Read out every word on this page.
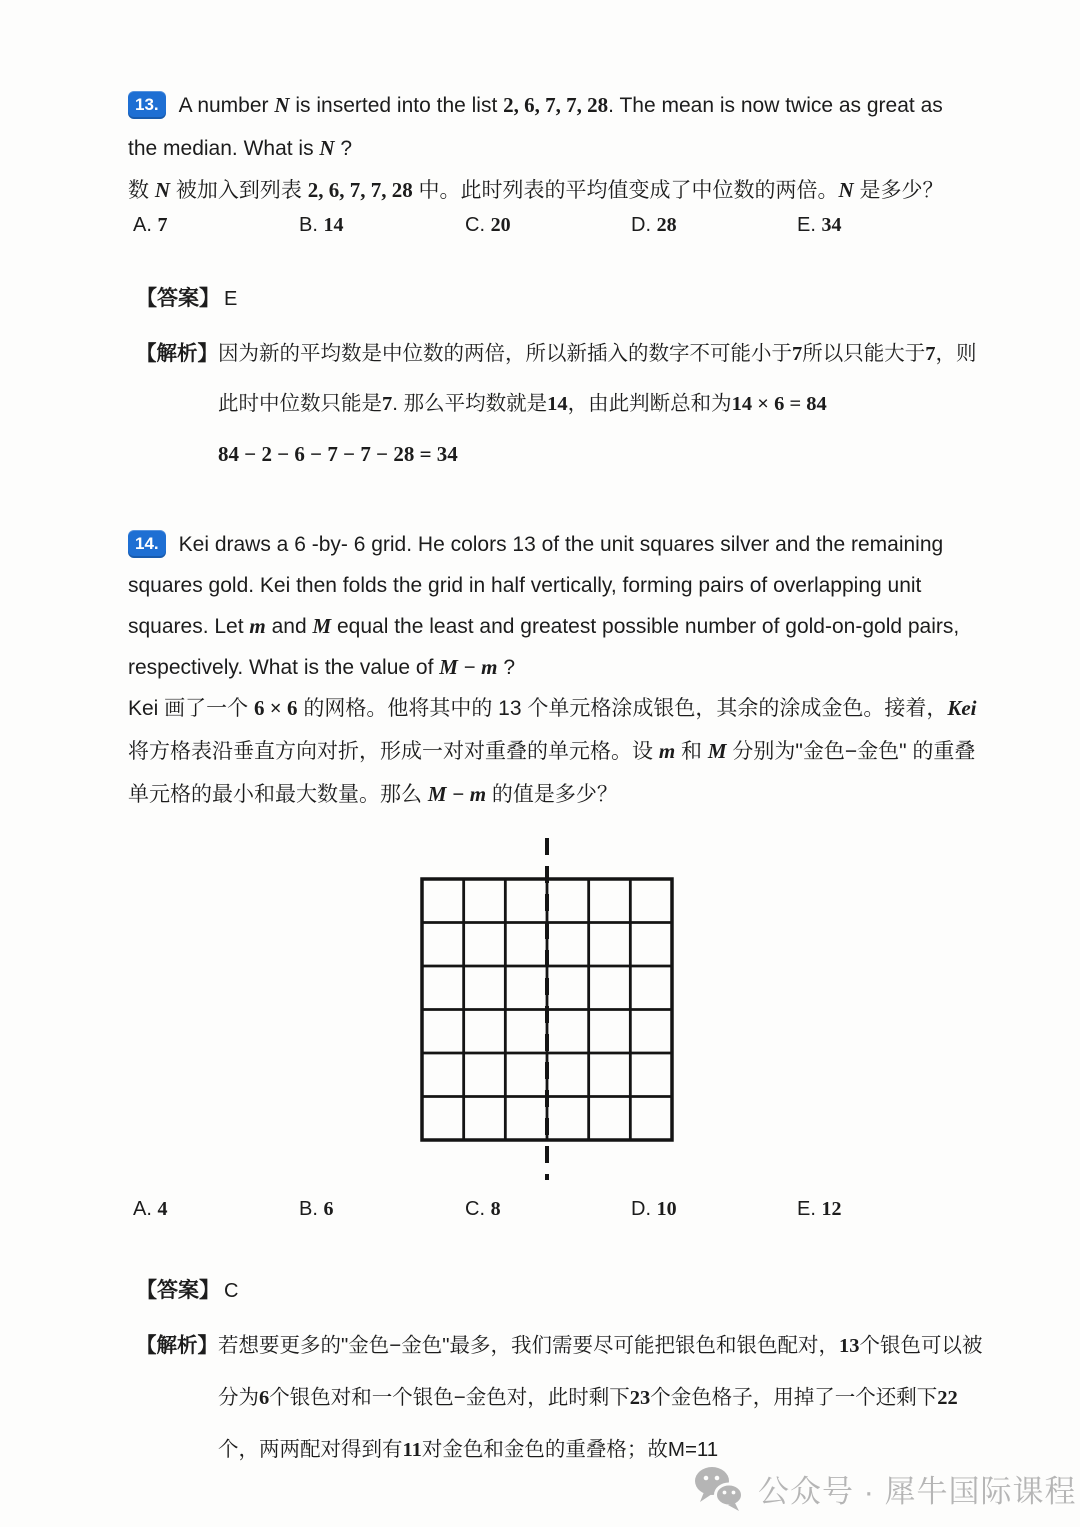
13. A number N is inserted into the list 2, 6, 7, 7, 28. The mean is now twice as great as the median. What is N ?
数 N 被加入到列表 2, 6, 7, 7, 28 中。此时列表的平均值变成了中位数的两倍。N 是多少？
A. 7	B. 14	C. 20	D. 28	E. 34
【答案】 E
【解析】 因为新的平均数是中位数的两倍，所以新插入的数字不可能小于7所以只能大于7，则此时中位数只能是7. 那么平均数就是14，由此判断总和为14 × 6 = 84
84 − 2 − 6 − 7 − 7 − 28 = 34
14. Kei draws a 6 -by- 6 grid. He colors 13 of the unit squares silver and the remaining squares gold. Kei then folds the grid in half vertically, forming pairs of overlapping unit squares. Let m and M equal the least and greatest possible number of gold-on-gold pairs, respectively. What is the value of M − m ?
Kei 画了一个 6 × 6 的网格。他将其中的 13 个单元格涂成银色，其余的涂成金色。接着，Kei 将方格表沿垂直方向对折，形成一对对重叠的单元格。设 m 和 M 分别为"金色−金色" 的重叠单元格的最小和最大数量。那么 M − m 的值是多少？
A. 4	B. 6	C. 8	D. 10	E. 12
【答案】 C
【解析】 若想要更多的"金色−金色"最多，我们需要尽可能把银色和银色配对，13个银色可以被分为6个银色对和一个银色−金色对，此时剩下23个金色格子，用掉了一个还剩下22个，两两配对得到有11对金色和金色的重叠格；故M=11
公众号 · 犀牛国际课程
